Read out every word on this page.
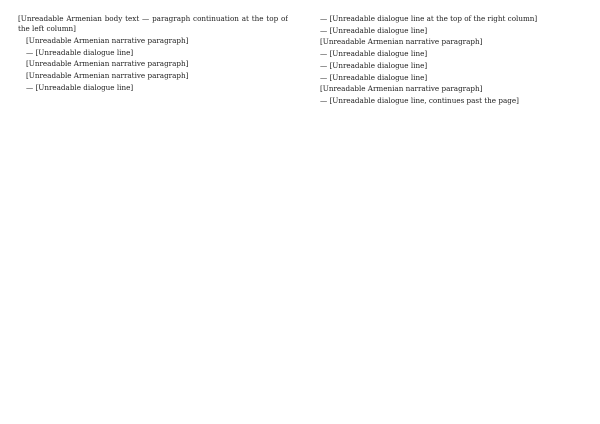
[Unreadable Armenian body text — paragraph continuation at the top of the left column]

[Unreadable Armenian narrative paragraph]

— [Unreadable dialogue line]

[Unreadable Armenian narrative paragraph]

[Unreadable Armenian narrative paragraph]

— [Unreadable dialogue line]

— [Unreadable dialogue line at the top of the right column]

— [Unreadable dialogue line]

[Unreadable Armenian narrative paragraph]

— [Unreadable dialogue line]

— [Unreadable dialogue line]

— [Unreadable dialogue line]

[Unreadable Armenian narrative paragraph]

— [Unreadable dialogue line, continues past the page]
